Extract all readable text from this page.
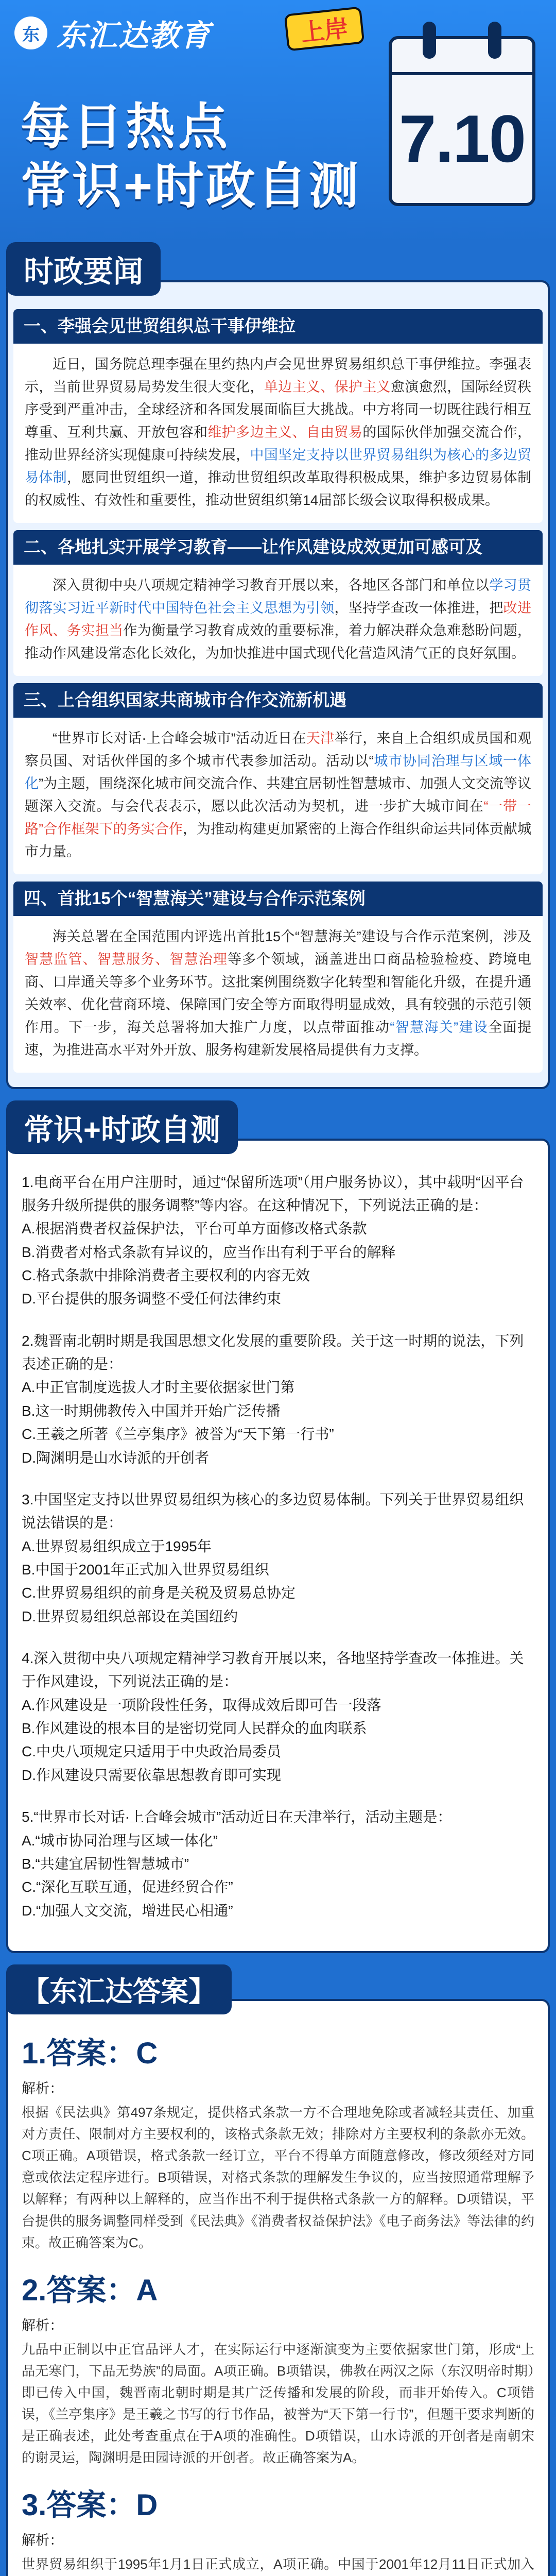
东 东汇达教育	上岸
7.10
每日热点
常识+时政自测
时政要闻
一、李强会见世贸组织总干事伊维拉
近日，国务院总理李强在里约热内卢会见世界贸易组织总干事伊维拉。李强表示，当前世界贸易局势发生很大变化，单边主义、保护主义愈演愈烈，国际经贸秩序受到严重冲击，全球经济和各国发展面临巨大挑战。中方将同一切既往践行相互尊重、互利共赢、开放包容和维护多边主义、自由贸易的国际伙伴加强交流合作，推动世界经济实现健康可持续发展，中国坚定支持以世界贸易组织为核心的多边贸易体制，愿同世贸组织一道，推动世贸组织改革取得积极成果，维护多边贸易体制的权威性、有效性和重要性，推动世贸组织第14届部长级会议取得积极成果。
二、各地扎实开展学习教育——让作风建设成效更加可感可及
深入贯彻中央八项规定精神学习教育开展以来，各地区各部门和单位以学习贯彻落实习近平新时代中国特色社会主义思想为引领，坚持学查改一体推进，把改进作风、务实担当作为衡量学习教育成效的重要标准，着力解决群众急难愁盼问题，推动作风建设常态化长效化，为加快推进中国式现代化营造风清气正的良好氛围。
三、上合组织国家共商城市合作交流新机遇
“世界市长对话·上合峰会城市”活动近日在天津举行，来自上合组织成员国和观察员国、对话伙伴国的多个城市代表参加活动。活动以“城市协同治理与区域一体化”为主题，围绕深化城市间交流合作、共建宜居韧性智慧城市、加强人文交流等议题深入交流。与会代表表示，愿以此次活动为契机，进一步扩大城市间在“一带一路”合作框架下的务实合作，为推动构建更加紧密的上海合作组织命运共同体贡献城市力量。
四、首批15个“智慧海关”建设与合作示范案例
海关总署在全国范围内评选出首批15个“智慧海关”建设与合作示范案例，涉及智慧监管、智慧服务、智慧治理等多个领域，涵盖进出口商品检验检疫、跨境电商、口岸通关等多个业务环节。这批案例围绕数字化转型和智能化升级，在提升通关效率、优化营商环境、保障国门安全等方面取得明显成效，具有较强的示范引领作用。下一步，海关总署将加大推广力度，以点带面推动“智慧海关”建设全面提速，为推进高水平对外开放、服务构建新发展格局提供有力支撑。
常识+时政自测
1.电商平台在用户注册时，通过“保留所选项”（用户服务协议），其中载明“因平台服务升级所提供的服务调整”等内容。在这种情况下，下列说法正确的是：
A.根据消费者权益保护法，平台可单方面修改格式条款
B.消费者对格式条款有异议的，应当作出有利于平台的解释
C.格式条款中排除消费者主要权利的内容无效
D.平台提供的服务调整不受任何法律约束
2.魏晋南北朝时期是我国思想文化发展的重要阶段。关于这一时期的说法，下列表述正确的是：
A.中正官制度选拔人才时主要依据家世门第
B.这一时期佛教传入中国并开始广泛传播
C.王羲之所著《兰亭集序》被誉为“天下第一行书”
D.陶渊明是山水诗派的开创者
3.中国坚定支持以世界贸易组织为核心的多边贸易体制。下列关于世界贸易组织说法错误的是：
A.世界贸易组织成立于1995年
B.中国于2001年正式加入世界贸易组织
C.世界贸易组织的前身是关税及贸易总协定
D.世界贸易组织总部设在美国纽约
4.深入贯彻中央八项规定精神学习教育开展以来，各地坚持学查改一体推进。关于作风建设，下列说法正确的是：
A.作风建设是一项阶段性任务，取得成效后即可告一段落
B.作风建设的根本目的是密切党同人民群众的血肉联系
C.中央八项规定只适用于中央政治局委员
D.作风建设只需要依靠思想教育即可实现
5.“世界市长对话·上合峰会城市”活动近日在天津举行，活动主题是：
A.“城市协同治理与区域一体化”
B.“共建宜居韧性智慧城市”
C.“深化互联互通，促进经贸合作”
D.“加强人文交流，增进民心相通”
【东汇达答案】
1.答案：C
解析：
根据《民法典》第497条规定，提供格式条款一方不合理地免除或者减轻其责任、加重对方责任、限制对方主要权利的，该格式条款无效；排除对方主要权利的条款亦无效。C项正确。A项错误，格式条款一经订立，平台不得单方面随意修改，修改须经对方同意或依法定程序进行。B项错误，对格式条款的理解发生争议的，应当按照通常理解予以解释；有两种以上解释的，应当作出不利于提供格式条款一方的解释。D项错误，平台提供的服务调整同样受到《民法典》《消费者权益保护法》《电子商务法》等法律的约束。故正确答案为C。
2.答案：A
解析：
九品中正制以中正官品评人才，在实际运行中逐渐演变为主要依据家世门第，形成“上品无寒门，下品无势族”的局面。A项正确。B项错误，佛教在两汉之际（东汉明帝时期）即已传入中国，魏晋南北朝时期是其广泛传播和发展的阶段，而非开始传入。C项错误，《兰亭集序》是王羲之书写的行书作品，被誉为“天下第一行书”，但题干要求判断的是正确表述，此处考查重点在于A项的准确性。D项错误，山水诗派的开创者是南朝宋的谢灵运，陶渊明是田园诗派的开创者。故正确答案为A。
3.答案：D
解析：
世界贸易组织于1995年1月1日正式成立，A项正确。中国于2001年12月11日正式加入
